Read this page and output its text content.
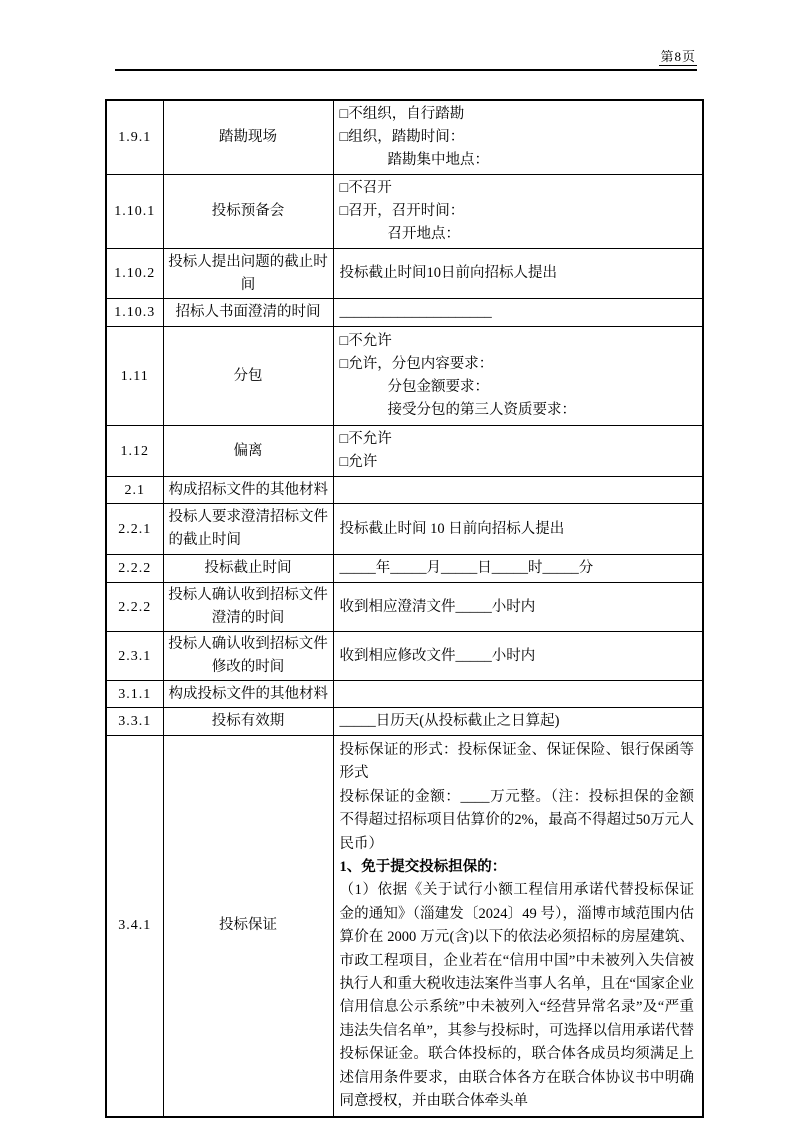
第8页
1.9.1	踏勘现场	□不组织，自行踏勘
□组织，踏勘时间：
踏勘集中地点：

1.10.1	投标预备会	□不召开
□召开，召开时间：
召开地点：

1.10.2	投标人提出问题的截止时间	投标截止时间10日前向招标人提出
1.10.3	招标人书面澄清的时间	_____________________
1.11	分包	□不允许
□允许，分包内容要求：
分包金额要求：
接受分包的第三人资质要求：

1.12	偏离	□不允许
□允许

2.1	构成招标文件的其他材料	
2.2.1	投标人要求澄清招标文件的截止时间	投标截止时间 10 日前向招标人提出
2.2.2	投标截止时间	_____年_____月_____日_____时_____分
2.2.2	投标人确认收到招标文件澄清的时间	收到相应澄清文件_____小时内
2.3.1	投标人确认收到招标文件修改的时间	收到相应修改文件_____小时内
3.1.1	构成投标文件的其他材料	
3.3.1	投标有效期	_____日历天(从投标截止之日算起)
3.4.1	投标保证	投标保证的形式：投标保证金、保证保险、银行保函等形式
投标保证的金额：____万元整。（注：投标担保的金额不得超过招标项目估算价的2%，最高不得超过50万元人民币）
1、免于提交投标担保的：
（1）依据《关于试行小额工程信用承诺代替投标保证金的通知》（淄建发〔2024〕49 号），淄博市域范围内估算价在 2000 万元(含)以下的依法必须招标的房屋建筑、市政工程项目，企业若在“信用中国”中未被列入失信被执行人和重大税收违法案件当事人名单，且在“国家企业信用信息公示系统”中未被列入“经营异常名录”及“严重违法失信名单”，其参与投标时，可选择以信用承诺代替投标保证金。联合体投标的，联合体各成员均须满足上述信用条件要求，由联合体各方在联合体协议书中明确同意授权，并由联合体牵头单
